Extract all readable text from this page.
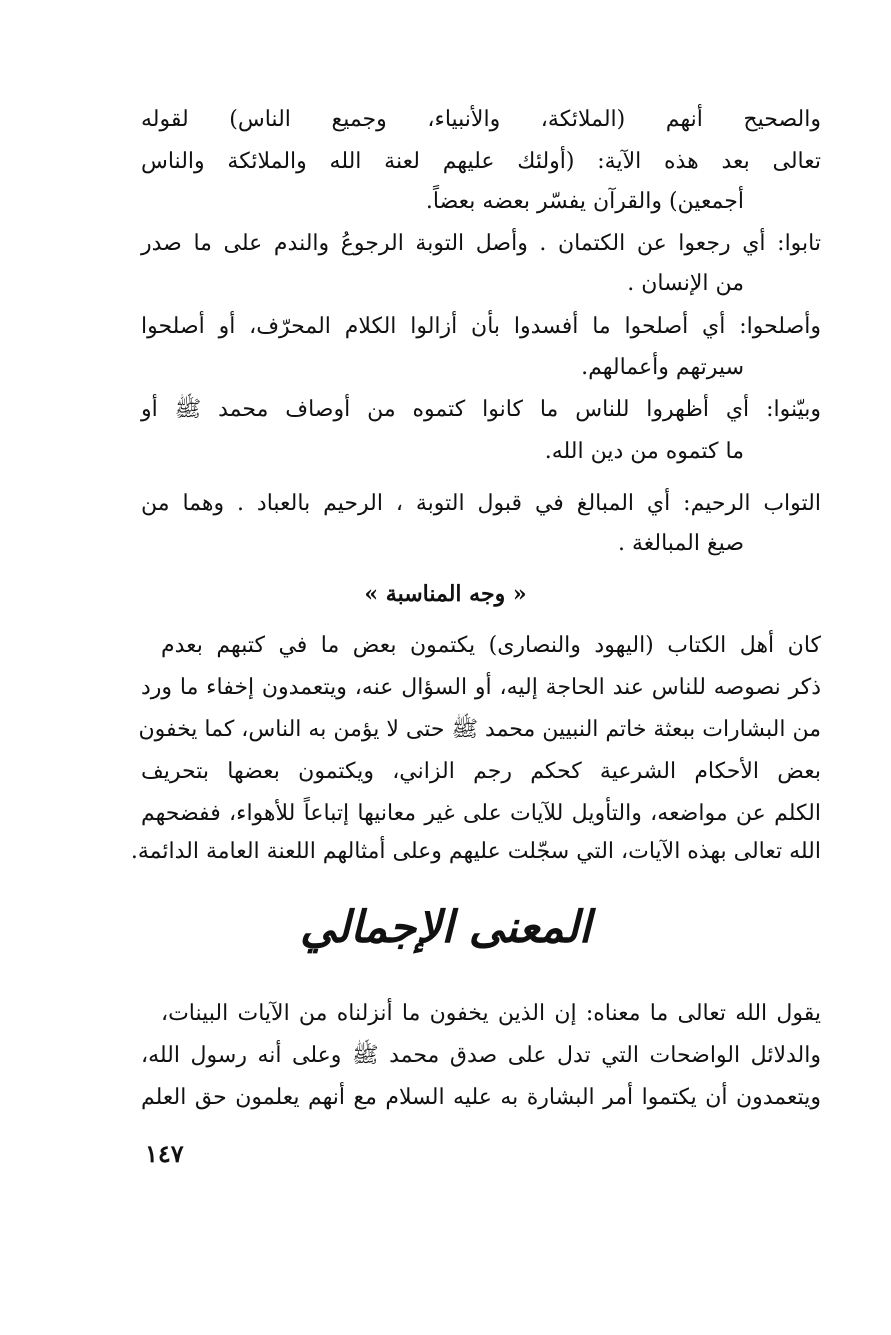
والصحيح أنهم (الملائكة، والأنبياء، وجميع الناس) لقوله
تعالى بعد هذه الآية: (أولئك عليهم لعنة الله والملائكة والناس
أجمعين) والقرآن يفسّر بعضه بعضاً.
تابوا: أي رجعوا عن الكتمان . وأصل التوبة الرجوعُ والندم على ما صدر
من الإنسان .
وأصلحوا: أي أصلحوا ما أفسدوا بأن أزالوا الكلام المحرّف، أو أصلحوا
سيرتهم وأعمالهم.
وبيّنوا: أي أظهروا للناس ما كانوا كتموه من أوصاف محمد ﷺ أو
ما كتموه من دين الله.
التواب الرحيم: أي المبالغ في قبول التوبة ، الرحيم بالعباد . وهما من
صيغ المبالغة .
« وجه المناسبة »
كان أهل الكتاب (اليهود والنصارى) يكتمون بعض ما في كتبهم بعدم
ذكر نصوصه للناس عند الحاجة إليه، أو السؤال عنه، ويتعمدون إخفاء ما ورد
من البشارات ببعثة خاتم النبيين محمد ﷺ حتى لا يؤمن به الناس، كما يخفون
بعض الأحكام الشرعية كحكم رجم الزاني، ويكتمون بعضها بتحريف
الكلم عن مواضعه، والتأويل للآيات على غير معانيها إتباعاً للأهواء، ففضحهم
الله تعالى بهذه الآيات، التي سجّلت عليهم وعلى أمثالهم اللعنة العامة الدائمة.
المعنى الإجمالي
يقول الله تعالى ما معناه: إن الذين يخفون ما أنزلناه من الآيات البينات،
والدلائل الواضحات التي تدل على صدق محمد ﷺ وعلى أنه رسول الله،
ويتعمدون أن يكتموا أمر البشارة به عليه السلام مع أنهم يعلمون حق العلم
١٤٧
